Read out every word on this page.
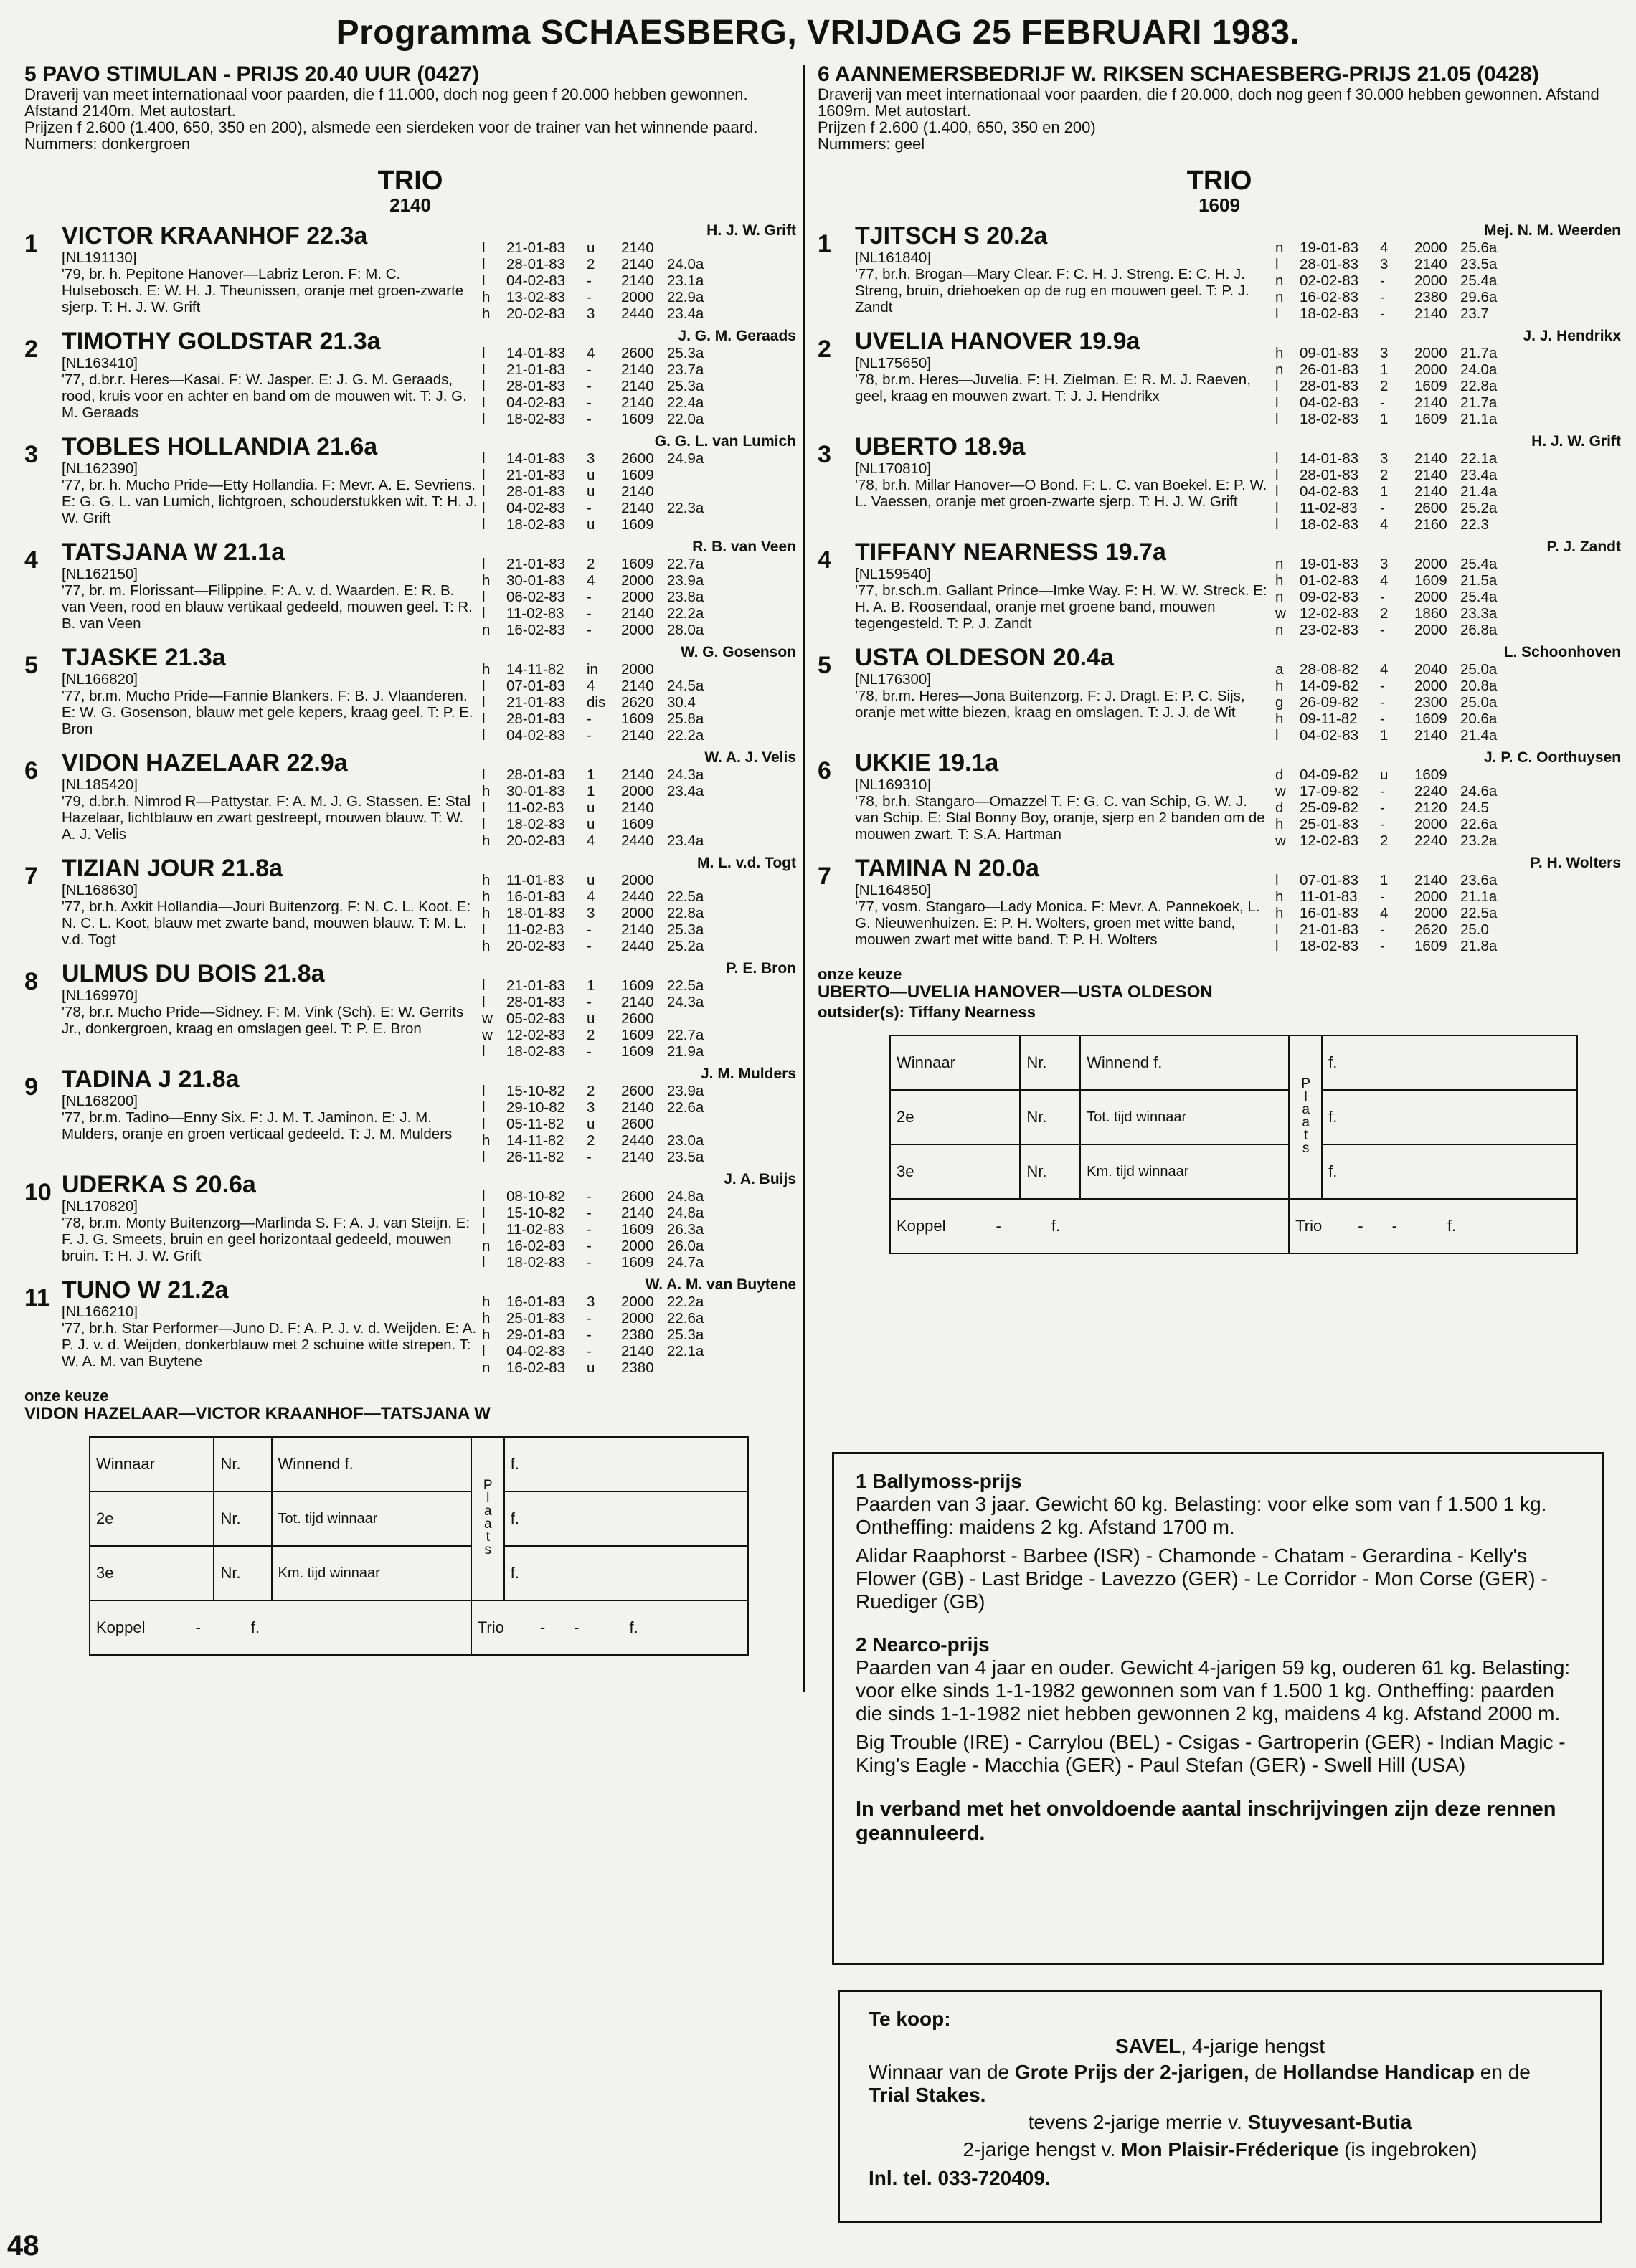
Programma SCHAESBERG, VRIJDAG 25 FEBRUARI 1983.
5 PAVO STIMULAN - PRIJS 20.40 UUR (0427)
Draverij van meet internationaal voor paarden, die f 11.000, doch nog geen f 20.000 hebben gewonnen. Afstand 2140m. Met autostart.
Prijzen f 2.600 (1.400, 650, 350 en 200), alsmede een sierdeken voor de trainer van het winnende paard.
Nummers: donkergroen
TRIO
2140
1 VICTOR KRAANHOF 22.3a
[NL191130]
'79, br. h. Pepitone Hanover—Labriz Leron. F: M. C. Hulsebosch. E: W. H. J. Theunissen, oranje met groen-zwarte sjerp. T: H. J. W. Grift
H. J. W. Grift
l	21-01-83	u	2140
l	28-01-83	2	2140 24.0a
l	04-02-83	-	2140 23.1a
h	13-02-83	-	2000 22.9a
h	20-02-83	3	2440 23.4a
2 TIMOTHY GOLDSTAR 21.3a
[NL163410]
'77, d.br.r. Heres—Kasai. F: W. Jasper. E: J. G. M. Geraads, rood, kruis voor en achter en band om de mouwen wit. T: J. G. M. Geraads
J. G. M. Geraads
l	14-01-83	4	2600 25.3a
l	21-01-83	-	2140 23.7a
l	28-01-83	-	2140 25.3a
l	04-02-83	-	2140 22.4a
l	18-02-83	-	1609 22.0a
3 TOBLES HOLLANDIA 21.6a
[NL162390]
'77, br. h. Mucho Pride—Etty Hollandia. F: Mevr. A. E. Sevriens. E: G. G. L. van Lumich, lichtgroen, schouderstukken wit. T: H. J. W. Grift
G. G. L. van Lumich
l	14-01-83	3	2600 24.9a
l	21-01-83	u	1609
l	28-01-83	u	2140
l	04-02-83	-	2140 22.3a
l	18-02-83	u	1609
4 TATSJANA W 21.1a
[NL162150]
'77, br. m. Florissant—Filippine. F: A. v. d. Waarden. E: R. B. van Veen, rood en blauw vertikaal gedeeld, mouwen geel. T: R. B. van Veen
R. B. van Veen
l	21-01-83	2	1609 22.7a
h	30-01-83	4	2000 23.9a
l	06-02-83	-	2000 23.8a
l	11-02-83	-	2140 22.2a
n	16-02-83	-	2000 28.0a
5 TJASKE 21.3a
[NL166820]
'77, br.m. Mucho Pride—Fannie Blankers. F: B. J. Vlaanderen. E: W. G. Gosenson, blauw met gele kepers, kraag geel. T: P. E. Bron
W. G. Gosenson
h	14-11-82	in	2000
l	07-01-83	4	2140 24.5a
l	21-01-83	dis	2620 30.4
l	28-01-83	-	1609 25.8a
l	04-02-83	-	2140 22.2a
6 VIDON HAZELAAR 22.9a
[NL185420]
'79, d.br.h. Nimrod R—Pattystar. F: A. M. J. G. Stassen. E: Stal Hazelaar, lichtblauw en zwart gestreept, mouwen blauw. T: W. A. J. Velis
W. A. J. Velis
l	28-01-83	1	2140 24.3a
h	30-01-83	1	2000 23.4a
l	11-02-83	u	2140
l	18-02-83	u	1609
h	20-02-83	4	2440 23.4a
7 TIZIAN JOUR 21.8a
[NL168630]
'77, br.h. Axkit Hollandia—Jouri Buitenzorg. F: N. C. L. Koot. E: N. C. L. Koot, blauw met zwarte band, mouwen blauw. T: M. L. v.d. Togt
M. L. v.d. Togt
h	11-01-83	u	2000
h	16-01-83	4	2440 22.5a
h	18-01-83	3	2000 22.8a
l	11-02-83	-	2140 25.3a
h	20-02-83	-	2440 25.2a
8 ULMUS DU BOIS 21.8a
[NL169970]
'78, br.r. Mucho Pride—Sidney. F: M. Vink (Sch). E: W. Gerrits Jr., donkergroen, kraag en omslagen geel. T: P. E. Bron
P. E. Bron
l	21-01-83	1	1609 22.5a
l	28-01-83	-	2140 24.3a
w 05-02-83	u	2600
w 12-02-83	2	1609 22.7a
l	18-02-83	-	1609 21.9a
9 TADINA J 21.8a
[NL168200]
'77, br.m. Tadino—Enny Six. F: J. M. T. Jaminon. E: J. M. Mulders, oranje en groen verticaal gedeeld. T: J. M. Mulders
J. M. Mulders
l	15-10-82	2	2600 23.9a
l	29-10-82	3	2140 22.6a
l	05-11-82	u	2600
h	14-11-82	2	2440 23.0a
l	26-11-82	-	2140 23.5a
10 UDERKA S 20.6a
[NL170820]
'78, br.m. Monty Buitenzorg—Marlinda S. F: A. J. van Steijn. E: F. J. G. Smeets, bruin en geel horizontaal gedeeld, mouwen bruin. T: H. J. W. Grift
J. A. Buijs
l	08-10-82	-	2600 24.8a
l	15-10-82	-	2140 24.8a
l	11-02-83	-	1609 26.3a
n	16-02-83	-	2000 26.0a
l	18-02-83	-	1609 24.7a
11 TUNO W 21.2a
[NL166210]
'77, br.h. Star Performer—Juno D. F: A. P. J. v. d. Weijden. E: A. P. J. v. d. Weijden, donkerblauw met 2 schuine witte strepen. T: W. A. M. van Buytene
W. A. M. van Buytene
h	16-01-83	3	2000 22.2a
h	25-01-83	-	2000 22.6a
h	29-01-83	-	2380 25.3a
l	04-02-83	-	2140 22.1a
n	16-02-83	u	2380
onze keuze
VIDON HAZELAAR—VICTOR KRAANHOF—TATSJANA W
Winnaar	Nr.	Winnend f.	Plaats	f.
2e	Nr.	Tot. tijd winnaar		f.
3e	Nr.	Km. tijd winnaar		f.
Koppel - f.			Trio - - f.	
6 AANNEMERSBEDRIJF W. RIKSEN SCHAESBERG-PRIJS 21.05 (0428)
Draverij van meet internationaal voor paarden, die f 20.000, doch nog geen f 30.000 hebben gewonnen. Afstand 1609m. Met autostart.
Prijzen f 2.600 (1.400, 650, 350 en 200)
Nummers: geel
TRIO
1609
1 TJITSCH S 20.2a
[NL161840]
'77, br.h. Brogan—Mary Clear. F: C. H. J. Streng. E: C. H. J. Streng, bruin, driehoeken op de rug en mouwen geel. T: P. J. Zandt
Mej. N. M. Weerden
n	19-01-83	4	2000 25.6a
l	28-01-83	3	2140 23.5a
n	02-02-83	-	2000 25.4a
n	16-02-83	-	2380 29.6a
l	18-02-83	-	2140 23.7
2 UVELIA HANOVER 19.9a
[NL175650]
'78, br.m. Heres—Juvelia. F: H. Zielman. E: R. M. J. Raeven, geel, kraag en mouwen zwart. T: J. J. Hendrikx
J. J. Hendrikx
h	09-01-83	3	2000 21.7a
n	26-01-83	1	2000 24.0a
l	28-01-83	2	1609 22.8a
l	04-02-83	-	2140 21.7a
l	18-02-83	1	1609 21.1a
3 UBERTO 18.9a
[NL170810]
'78, br.h. Millar Hanover—O Bond. F: L. C. van Boekel. E: P. W. L. Vaessen, oranje met groen-zwarte sjerp. T: H. J. W. Grift
H. J. W. Grift
l	14-01-83	3	2140 22.1a
l	28-01-83	2	2140 23.4a
l	04-02-83	1	2140 21.4a
l	11-02-83	-	2600 25.2a
l	18-02-83	4	2160 22.3
4 TIFFANY NEARNESS 19.7a
[NL159540]
'77, br.sch.m. Gallant Prince—Imke Way. F: H. W. W. Streck. E: H. A. B. Roosendaal, oranje met groene band, mouwen tegengesteld. T: P. J. Zandt
P. J. Zandt
n	19-01-83	3	2000 25.4a
h	01-02-83	4	1609 21.5a
n	09-02-83	-	2000 25.4a
w 12-02-83	2	1860 23.3a
n	23-02-83	-	2000 26.8a
5 USTA OLDESON 20.4a
[NL176300]
'78, br.m. Heres—Jona Buitenzorg. F: J. Dragt. E: P. C. Sijs, oranje met witte biezen, kraag en omslagen. T: J. J. de Wit
L. Schoonhoven
a	28-08-82	4	2040 25.0a
h	14-09-82	-	2000 20.8a
g	26-09-82	-	2300 25.0a
h	09-11-82	-	1609 20.6a
l	04-02-83	1	2140 21.4a
6 UKKIE 19.1a
[NL169310]
'78, br.h. Stangaro—Omazzel T. F: G. C. van Schip, G. W. J. van Schip. E: Stal Bonny Boy, oranje, sjerp en 2 banden om de mouwen zwart. T: S.A. Hartman
J. P. C. Oorthuysen
d	04-09-82	u	1609
w 17-09-82	-	2240 24.6a
d	25-09-82	-	2120 24.5
h	25-01-83	-	2000 22.6a
w 12-02-83	2	2240 23.2a
7 TAMINA N 20.0a
[NL164850]
'77, vosm. Stangaro—Lady Monica. F: Mevr. A. Pannekoek, L. G. Nieuwenhuizen. E: P. H. Wolters, groen met witte band, mouwen zwart met witte band. T: P. H. Wolters
P. H. Wolters
l	07-01-83	1	2140 23.6a
h	11-01-83	-	2000 21.1a
h	16-01-83	4	2000 22.5a
l	21-01-83	-	2620 25.0
l	18-02-83	-	1609 21.8a
onze keuze
UBERTO—UVELIA HANOVER—USTA OLDESON
outsider(s): Tiffany Nearness
Winnaar	Nr.	Winnend f.	Plaats	f.
2e	Nr.	Tot. tijd winnaar		f.
3e	Nr.	Km. tijd winnaar		f.
Koppel - f.			Trio - - f.	
1 Ballymoss-prijs
Paarden van 3 jaar. Gewicht 60 kg. Belasting: voor elke som van f 1.500 1 kg. Ontheffing: maidens 2 kg. Afstand 1700 m.
Alidar Raaphorst - Barbee (ISR) - Chamonde - Chatam - Gerardina - Kelly's Flower (GB) - Last Bridge - Lavezzo (GER) - Le Corridor - Mon Corse (GER) - Ruediger (GB)
2 Nearco-prijs
Paarden van 4 jaar en ouder. Gewicht 4-jarigen 59 kg, ouderen 61 kg. Belasting: voor elke sinds 1-1-1982 gewonnen som van f 1.500 1 kg. Ontheffing: paarden die sinds 1-1-1982 niet hebben gewonnen 2 kg, maidens 4 kg. Afstand 2000 m.
Big Trouble (IRE) - Carrylou (BEL) - Csigas - Gartroperin (GER) - Indian Magic - King's Eagle - Macchia (GER) - Paul Stefan (GER) - Swell Hill (USA)
In verband met het onvoldoende aantal inschrijvingen zijn deze rennen geannuleerd.
Te koop:
SAVEL, 4-jarige hengst
Winnaar van de Grote Prijs der 2-jarigen, de Hollandse Handicap en de Trial Stakes.
tevens 2-jarige merrie v. Stuyvesant-Butia
2-jarige hengst v. Mon Plaisir-Fréderique (is ingebroken)
Inl. tel. 033-720409.
48
